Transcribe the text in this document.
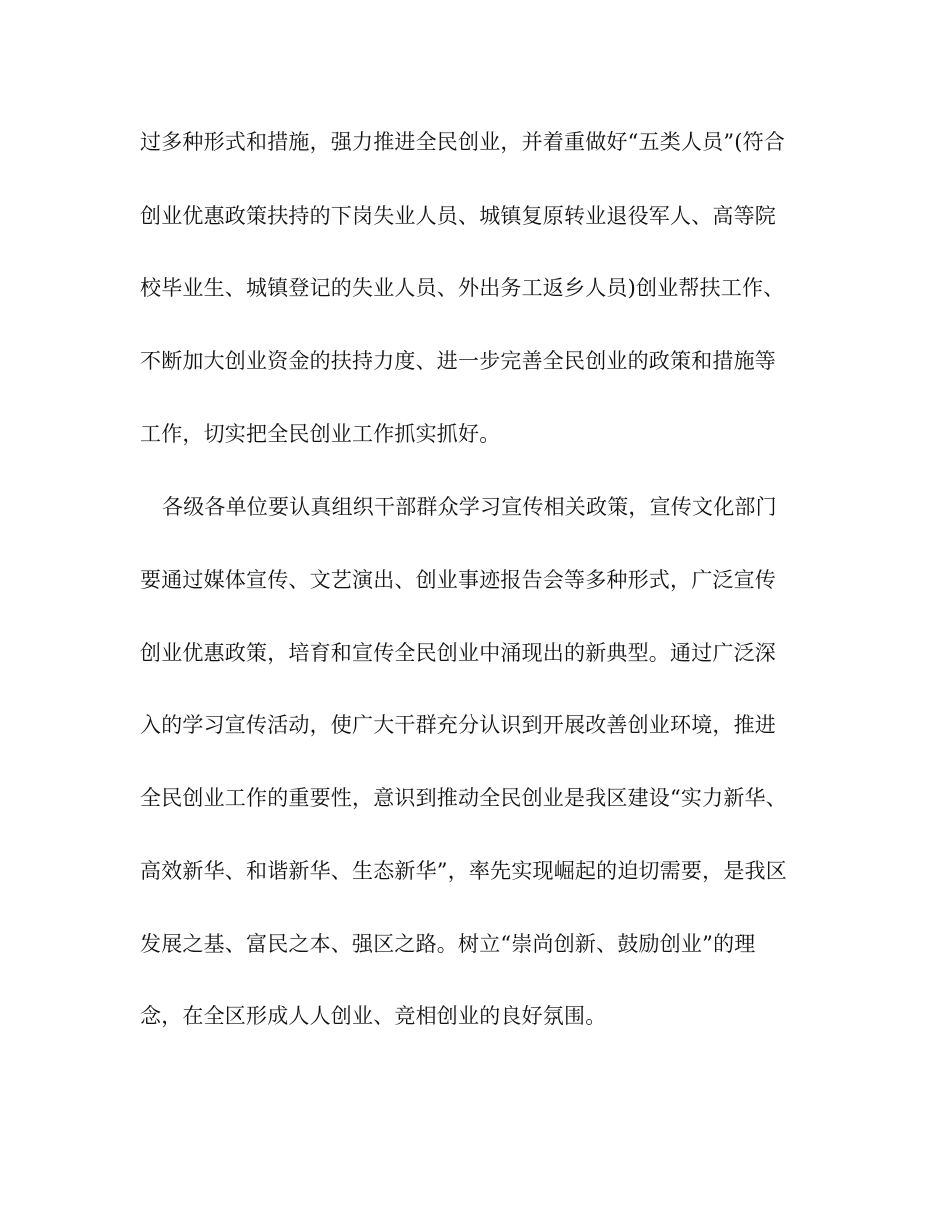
过多种形式和措施，强力推进全民创业，并着重做好“五类人员”(符合
创业优惠政策扶持的下岗失业人员、城镇复原转业退役军人、高等院
校毕业生、城镇登记的失业人员、外出务工返乡人员)创业帮扶工作、
不断加大创业资金的扶持力度、进一步完善全民创业的政策和措施等
工作，切实把全民创业工作抓实抓好。
各级各单位要认真组织干部群众学习宣传相关政策，宣传文化部门
要通过媒体宣传、文艺演出、创业事迹报告会等多种形式，广泛宣传
创业优惠政策，培育和宣传全民创业中涌现出的新典型。通过广泛深
入的学习宣传活动，使广大干群充分认识到开展改善创业环境，推进
全民创业工作的重要性，意识到推动全民创业是我区建设“实力新华、
高效新华、和谐新华、生态新华”，率先实现崛起的迫切需要，是我区
发展之基、富民之本、强区之路。树立“崇尚创新、鼓励创业”的理
念，在全区形成人人创业、竞相创业的良好氛围。
